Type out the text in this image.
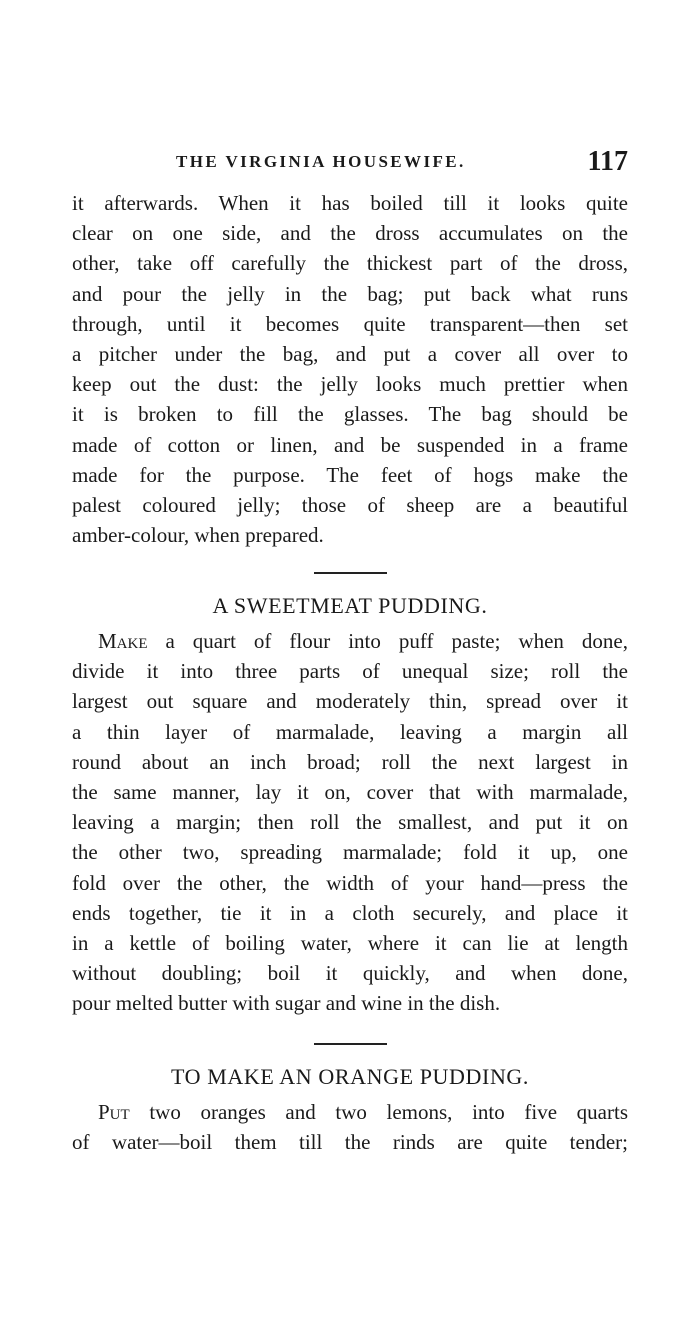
THE VIRGINIA HOUSEWIFE.	117
it afterwards. When it has boiled till it looks quite
clear on one side, and the dross accumulates on the
other, take off carefully the thickest part of the dross,
and pour the jelly in the bag; put back what runs
through, until it becomes quite transparent—then set
a pitcher under the bag, and put a cover all over to
keep out the dust: the jelly looks much prettier when
it is broken to fill the glasses. The bag should be
made of cotton or linen, and be suspended in a frame
made for the purpose. The feet of hogs make the
palest coloured jelly; those of sheep are a beautiful
amber-colour, when prepared.
A SWEETMEAT PUDDING.
Make a quart of flour into puff paste; when done,
divide it into three parts of unequal size; roll the
largest out square and moderately thin, spread over it
a thin layer of marmalade, leaving a margin all
round about an inch broad; roll the next largest in
the same manner, lay it on, cover that with marmalade,
leaving a margin; then roll the smallest, and put it on
the other two, spreading marmalade; fold it up, one
fold over the other, the width of your hand—press the
ends together, tie it in a cloth securely, and place it
in a kettle of boiling water, where it can lie at length
without doubling; boil it quickly, and when done,
pour melted butter with sugar and wine in the dish.
TO MAKE AN ORANGE PUDDING.
Put two oranges and two lemons, into five quarts
of water—boil them till the rinds are quite tender;
